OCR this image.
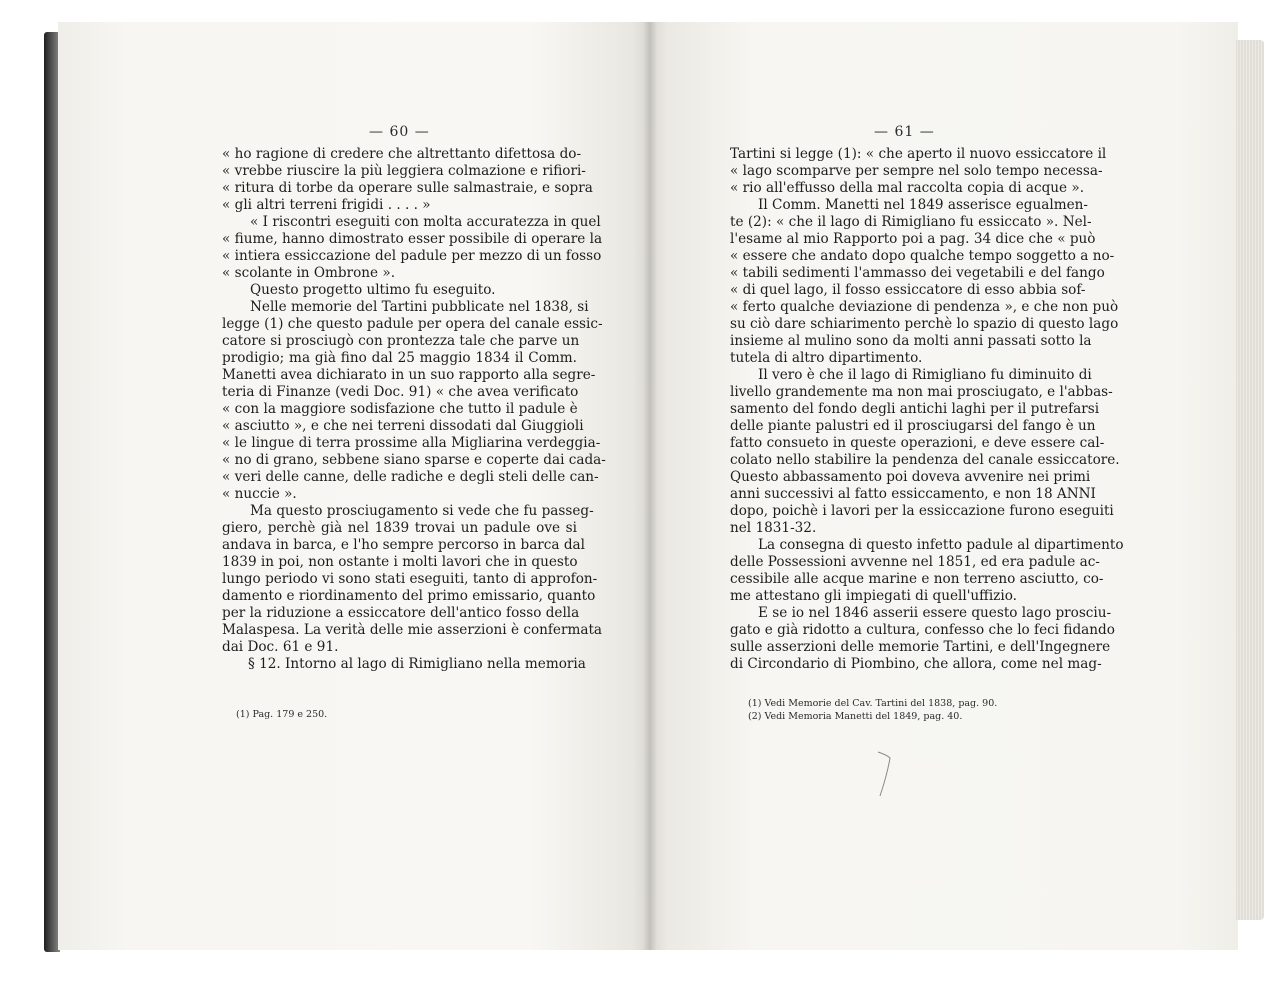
— 60 —	— 61 —
« ho ragione di credere che altrettanto difettosa do-
« vrebbe riuscire la più leggiera colmazione e rifiori-
« ritura di torbe da operare sulle salmastraie, e sopra
« gli altri terreni frigidi . . . . »
« I riscontri eseguiti con molta accuratezza in quel
« fiume, hanno dimostrato esser possibile di operare la
« intiera essiccazione del padule per mezzo di un fosso
« scolante in Ombrone ».
Questo progetto ultimo fu eseguito.
Nelle memorie del Tartini pubblicate nel 1838, si
legge (1) che questo padule per opera del canale essic-
catore si prosciugò con prontezza tale che parve un
prodigio; ma già fino dal 25 maggio 1834 il Comm.
Manetti avea dichiarato in un suo rapporto alla segre-
teria di Finanze (vedi Doc. 91) « che avea verificato
« con la maggiore sodisfazione che tutto il padule è
« asciutto », e che nei terreni dissodati dal Giuggioli
« le lingue di terra prossime alla Migliarina verdeggia-
« no di grano, sebbene siano sparse e coperte dai cada-
« veri delle canne, delle radiche e degli steli delle can-
« nuccie ».
Ma questo prosciugamento si vede che fu passeg-
giero, perchè già nel 1839 trovai un padule ove si
andava in barca, e l'ho sempre percorso in barca dal
1839 in poi, non ostante i molti lavori che in questo
lungo periodo vi sono stati eseguiti, tanto di approfon-
damento e riordinamento del primo emissario, quanto
per la riduzione a essiccatore dell'antico fosso della
Malaspesa. La verità delle mie asserzioni è confermata
dai Doc. 61 e 91.
§ 12. Intorno al lago di Rimigliano nella memoria
Tartini si legge (1): « che aperto il nuovo essiccatore il
« lago scomparve per sempre nel solo tempo necessa-
« rio all'effusso della mal raccolta copia di acque ».
Il Comm. Manetti nel 1849 asserisce egualmen-
te (2): « che il lago di Rimigliano fu essiccato ». Nel-
l'esame al mio Rapporto poi a pag. 34 dice che « può
« essere che andato dopo qualche tempo soggetto a no-
« tabili sedimenti l'ammasso dei vegetabili e del fango
« di quel lago, il fosso essiccatore di esso abbia sof-
« ferto qualche deviazione di pendenza », e che non può
su ciò dare schiarimento perchè lo spazio di questo lago
insieme al mulino sono da molti anni passati sotto la
tutela di altro dipartimento.
Il vero è che il lago di Rimigliano fu diminuito di
livello grandemente ma non mai prosciugato, e l'abbas-
samento del fondo degli antichi laghi per il putrefarsi
delle piante palustri ed il prosciugarsi del fango è un
fatto consueto in queste operazioni, e deve essere cal-
colato nello stabilire la pendenza del canale essiccatore.
Questo abbassamento poi doveva avvenire nei primi
anni successivi al fatto essiccamento, e non 18 ANNI
dopo, poichè i lavori per la essiccazione furono eseguiti
nel 1831-32.
La consegna di questo infetto padule al dipartimento
delle Possessioni avvenne nel 1851, ed era padule ac-
cessibile alle acque marine e non terreno asciutto, co-
me attestano gli impiegati di quell'uffizio.
E se io nel 1846 asserii essere questo lago prosciu-
gato e già ridotto a cultura, confesso che lo feci fidando
sulle asserzioni delle memorie Tartini, e dell'Ingegnere
di Circondario di Piombino, che allora, come nel mag-
(1) Pag. 179 e 250.
(1) Vedi Memorie del Cav. Tartini del 1838, pag. 90.
(2) Vedi Memoria Manetti del 1849, pag. 40.
